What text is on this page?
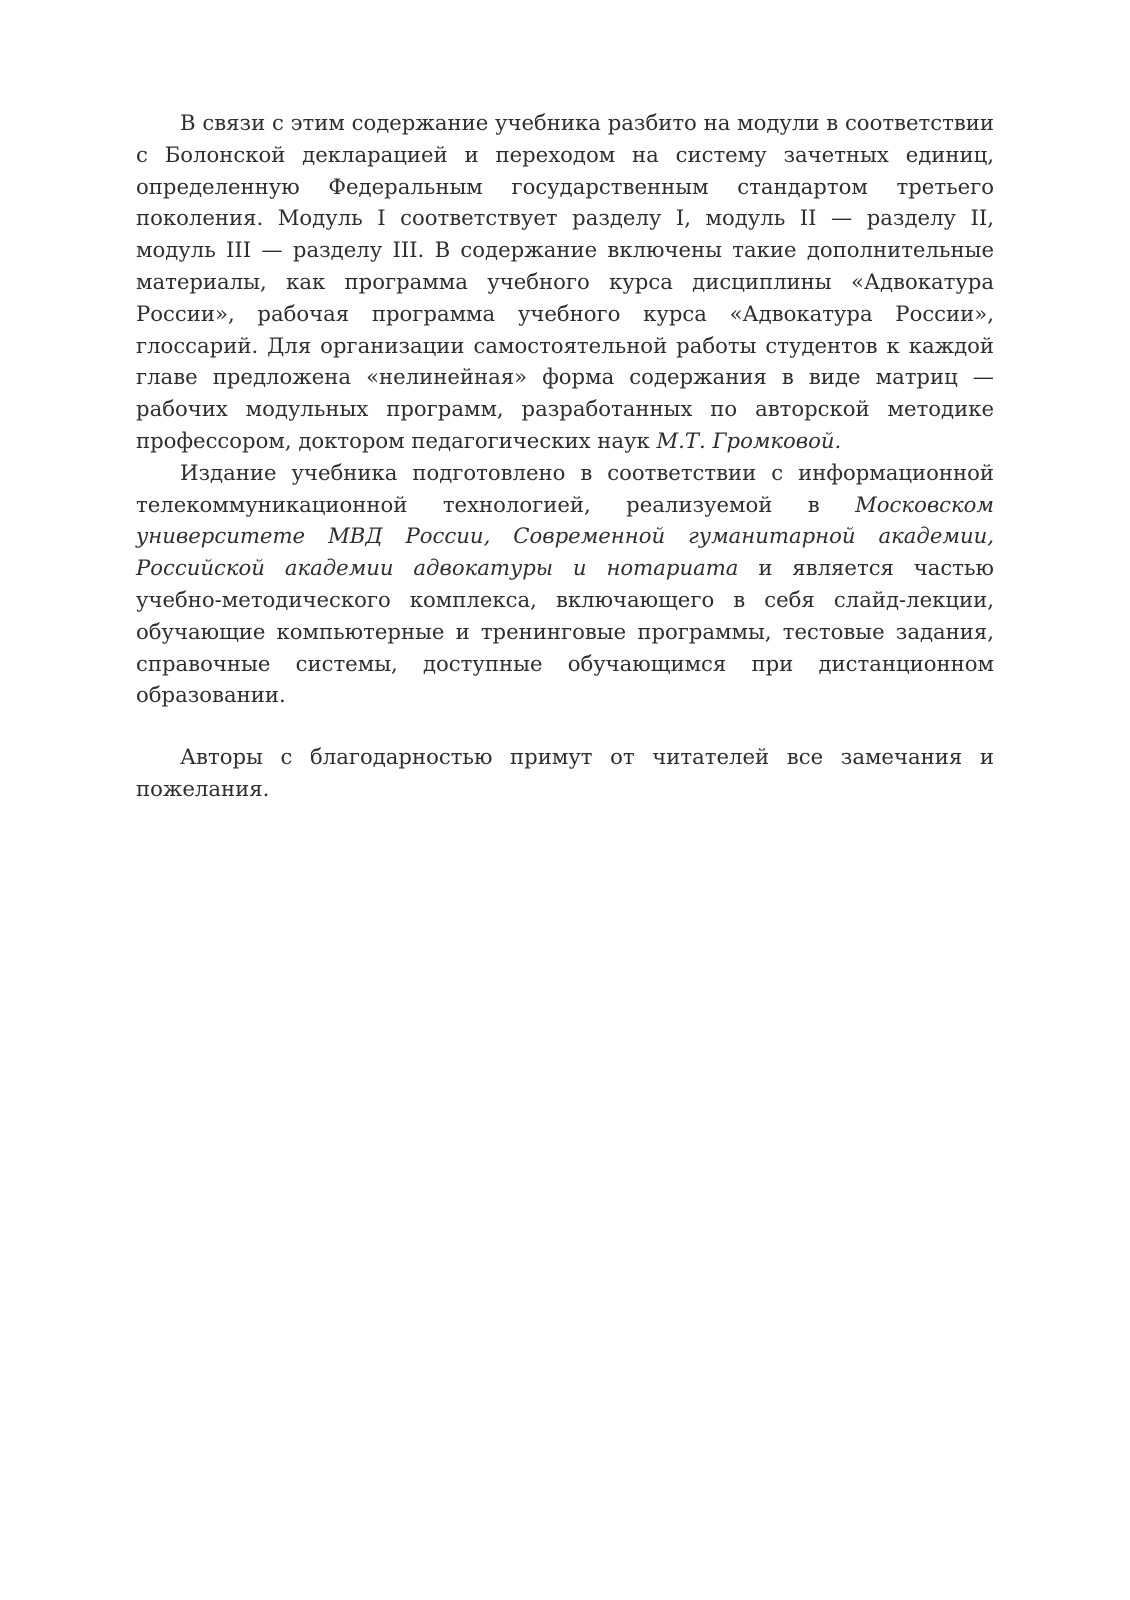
В связи с этим содержание учебника разбито на модули в соответствии с Болонской декларацией и переходом на систему зачетных единиц, определенную Федеральным государственным стандартом третьего поколения. Модуль I соответствует разделу I, модуль II — разделу II, модуль III — разделу III. В содержание включены такие дополнительные материалы, как программа учебного курса дисциплины «Адвокатура России», рабочая программа учебного курса «Адвокатура России», глоссарий. Для организации самостоятельной работы студентов к каждой главе предложена «нелинейная» форма содержания в виде матриц — рабочих модульных программ, разработанных по авторской методике профессором, доктором педагогических наук М.Т. Громковой.

Издание учебника подготовлено в соответствии с информационной телекоммуникационной технологией, реализуемой в Московском университете МВД России, Современной гуманитарной академии, Российской академии адвокатуры и нотариата и является частью учебно-методического комплекса, включающего в себя слайд-лекции, обучающие компьютерные и тренинговые программы, тестовые задания, справочные системы, доступные обучающимся при дистанционном образовании.

Авторы с благодарностью примут от читателей все замечания и пожелания.
